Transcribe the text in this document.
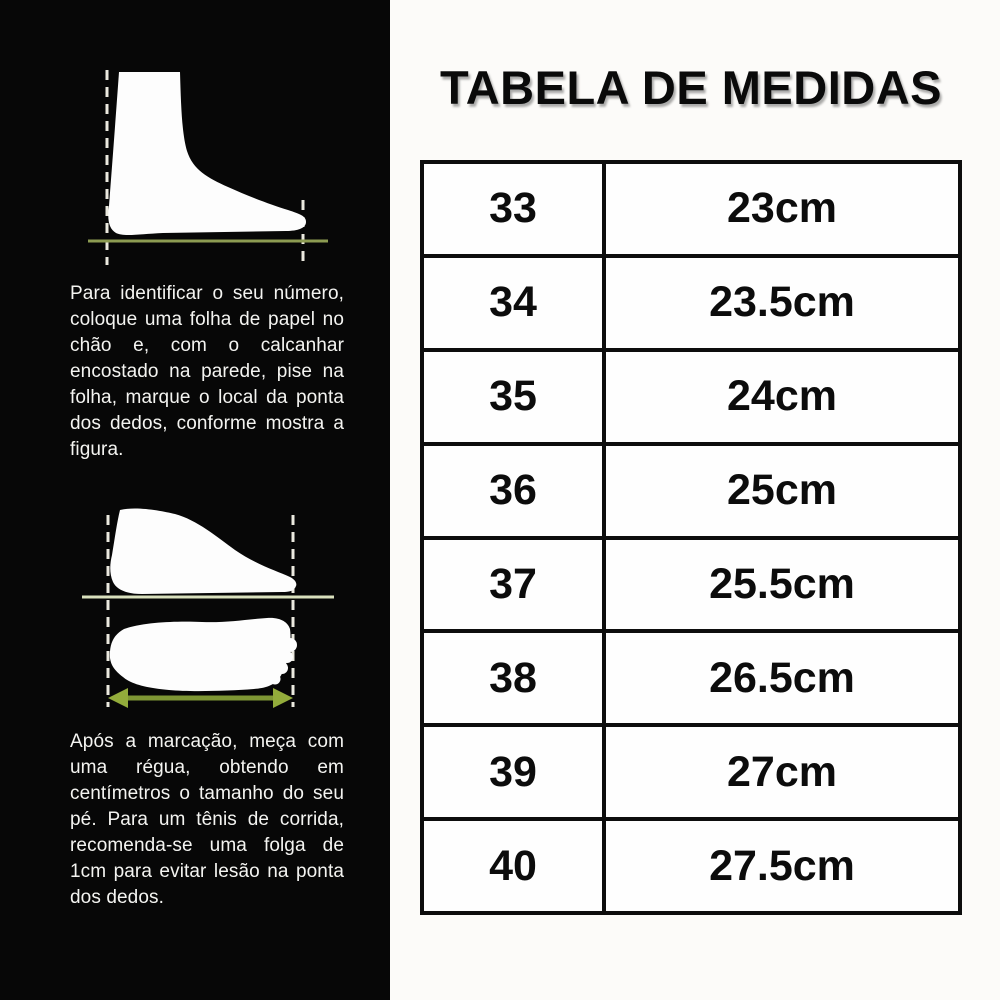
Para identificar o seu número, coloque uma folha de papel no chão e, com o calcanhar encostado na parede, pise na folha, marque o local da ponta dos dedos, conforme mostra a figura.

Após a marcação, meça com uma régua, obtendo em centímetros o tamanho do seu pé. Para um tênis de corrida, recomenda-se uma folga de 1cm para evitar lesão na ponta dos dedos.

TABELA DE MEDIDAS
33	23cm
34	23.5cm
35	24cm
36	25cm
37	25.5cm
38	26.5cm
39	27cm
40	27.5cm
